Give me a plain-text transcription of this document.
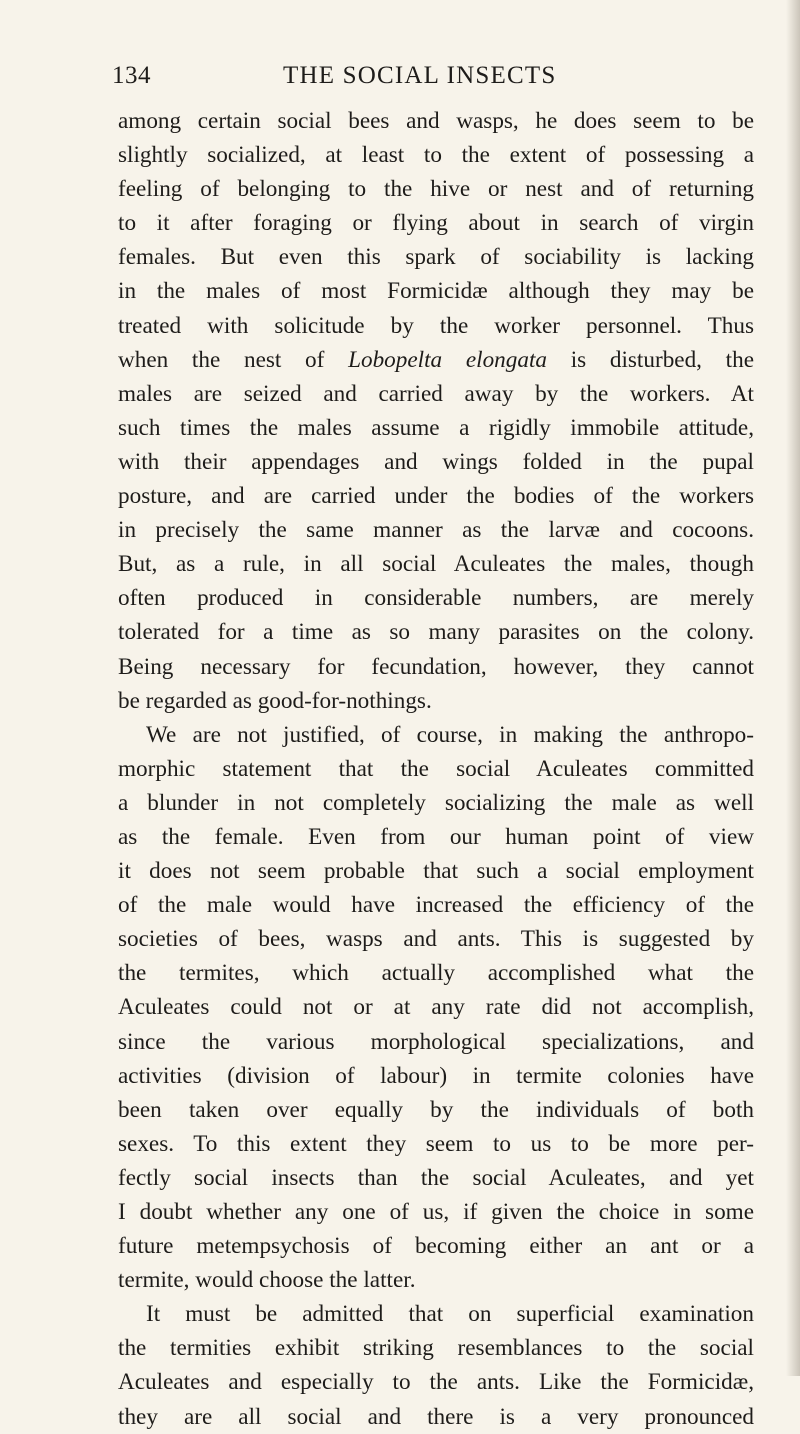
134	THE SOCIAL INSECTS
among certain social bees and wasps, he does seem to be
slightly socialized, at least to the extent of possessing a
feeling of belonging to the hive or nest and of returning
to it after foraging or flying about in search of virgin
females. But even this spark of sociability is lacking
in the males of most Formicidæ although they may be
treated with solicitude by the worker personnel. Thus
when the nest of Lobopelta elongata is disturbed, the
males are seized and carried away by the workers. At
such times the males assume a rigidly immobile attitude,
with their appendages and wings folded in the pupal
posture, and are carried under the bodies of the workers
in precisely the same manner as the larvæ and cocoons.
But, as a rule, in all social Aculeates the males, though
often produced in considerable numbers, are merely
tolerated for a time as so many parasites on the colony.
Being necessary for fecundation, however, they cannot
be regarded as good-for-nothings.
We are not justified, of course, in making the anthropo-
morphic statement that the social Aculeates committed
a blunder in not completely socializing the male as well
as the female. Even from our human point of view
it does not seem probable that such a social employment
of the male would have increased the efficiency of the
societies of bees, wasps and ants. This is suggested by
the termites, which actually accomplished what the
Aculeates could not or at any rate did not accomplish,
since the various morphological specializations, and
activities (division of labour) in termite colonies have
been taken over equally by the individuals of both
sexes. To this extent they seem to us to be more per-
fectly social insects than the social Aculeates, and yet
I doubt whether any one of us, if given the choice in some
future metempsychosis of becoming either an ant or a
termite, would choose the latter.
It must be admitted that on superficial examination
the termities exhibit striking resemblances to the social
Aculeates and especially to the ants. Like the Formicidæ,
they are all social and there is a very pronounced
